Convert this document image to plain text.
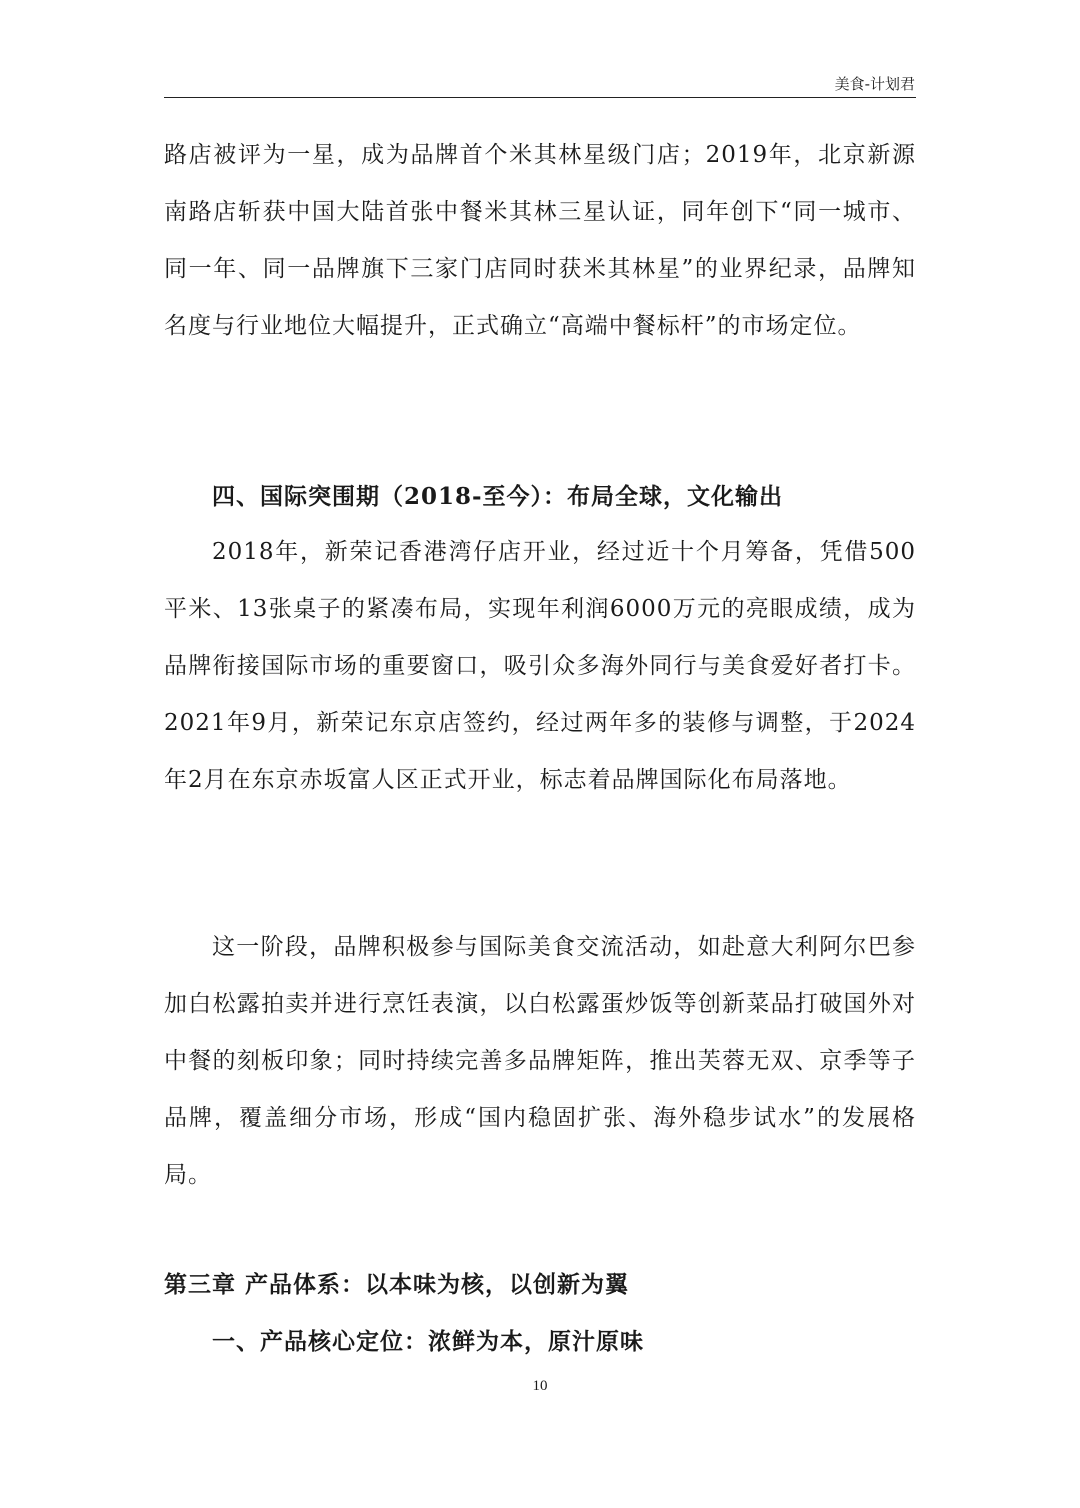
美食-计划君

路店被评为一星，成为品牌首个米其林星级门店；2019年，北京新源南路店斩获中国大陆首张中餐米其林三星认证，同年创下“同一城市、同一年、同一品牌旗下三家门店同时获米其林星”的业界纪录，品牌知名度与行业地位大幅提升，正式确立“高端中餐标杆”的市场定位。

四、国际突围期（2018-至今）：布局全球，文化输出

2018年，新荣记香港湾仔店开业，经过近十个月筹备，凭借500平米、13张桌子的紧凑布局，实现年利润6000万元的亮眼成绩，成为品牌衔接国际市场的重要窗口，吸引众多海外同行与美食爱好者打卡。2021年9月，新荣记东京店签约，经过两年多的装修与调整，于2024年2月在东京赤坂富人区正式开业，标志着品牌国际化布局落地。

这一阶段，品牌积极参与国际美食交流活动，如赴意大利阿尔巴参加白松露拍卖并进行烹饪表演，以白松露蛋炒饭等创新菜品打破国外对中餐的刻板印象；同时持续完善多品牌矩阵，推出芙蓉无双、京季等子品牌，覆盖细分市场，形成“国内稳固扩张、海外稳步试水”的发展格局。

第三章 产品体系：以本味为核，以创新为翼
一、产品核心定位：浓鲜为本，原汁原味
10
